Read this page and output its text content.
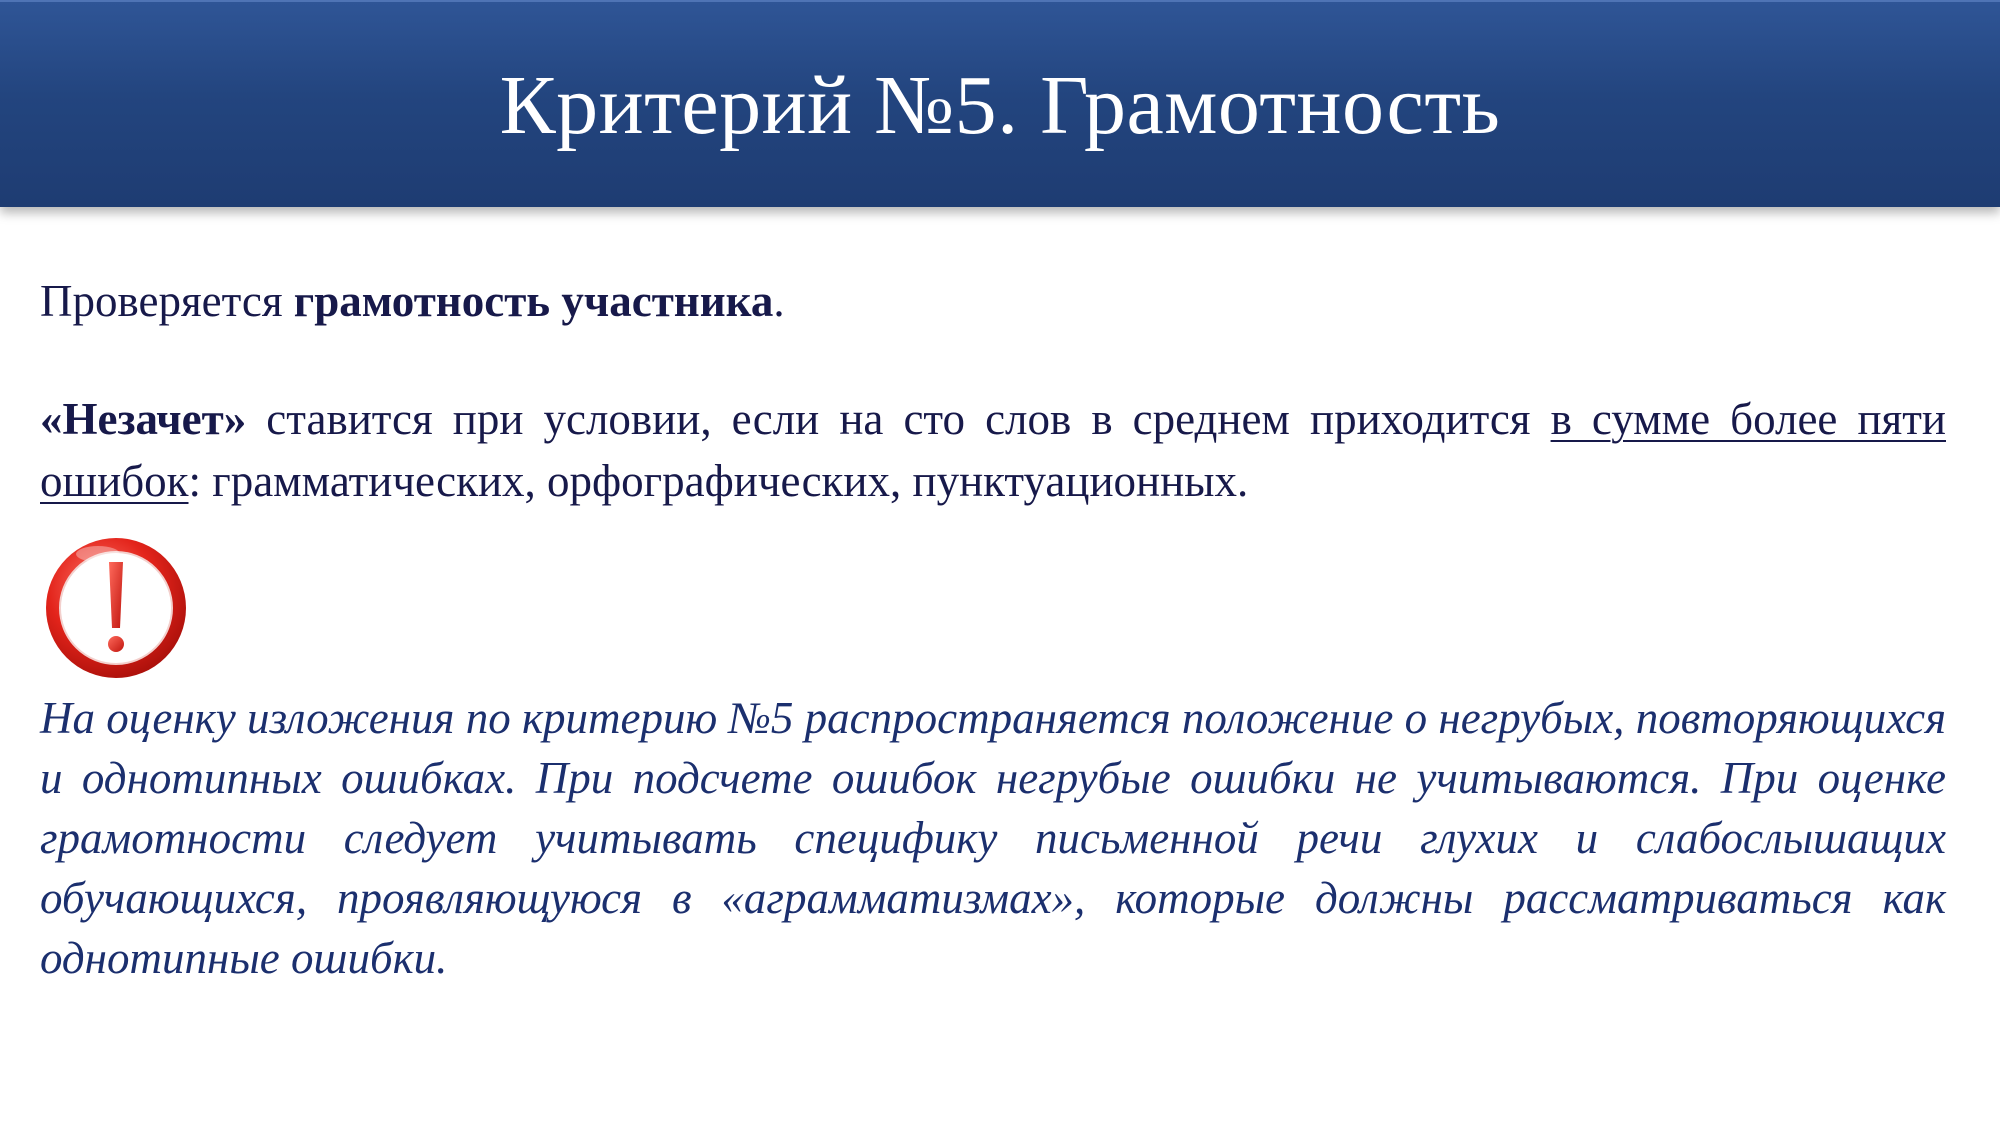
Критерий №5. Грамотность
Проверяется грамотность участника.
«Незачет» ставится при условии, если на сто слов в среднем приходится в сумме более пяти ошибок: грамматических, орфографических, пунктуационных.
На оценку изложения по критерию №5 распространяется положение о негрубых, повторяющихся и однотипных ошибках. При подсчете ошибок негрубые ошибки не учитываются. При оценке грамотности следует учитывать специфику письменной речи глухих и слабослышащих обучающихся, проявляющуюся в «аграмматизмах», которые должны рассматриваться как однотипные ошибки.
